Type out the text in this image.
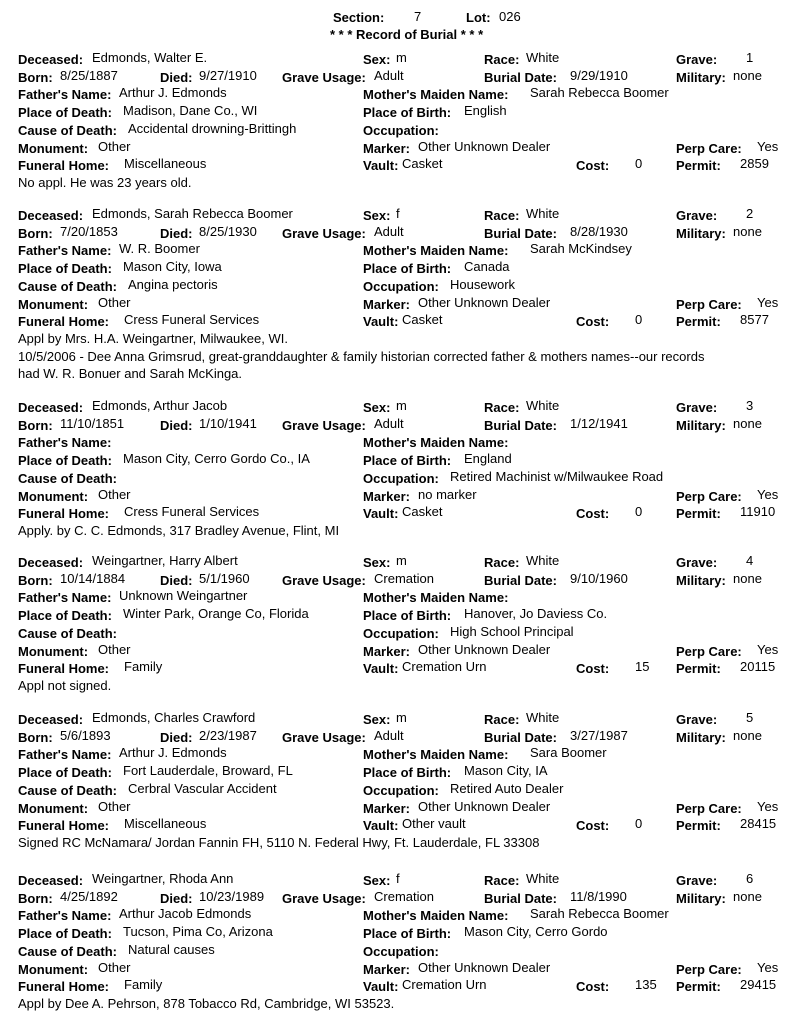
Section: 7	Lot: 026
* * * Record of Burial * * *
Deceased: Edmonds, Walter E.	Sex: m	Race: White	Grave: 1
Born: 8/25/1887	Died: 9/27/1910 Grave Usage: Adult	Burial Date: 9/29/1910	Military: none
Father's Name: Arthur J. Edmonds	Mother's Maiden Name: Sarah Rebecca Boomer
Place of Death: Madison, Dane Co., WI	Place of Birth: English
Cause of Death: Accidental drowning-Brittingh	Occupation:
Monument: Other	Marker: Other Unknown Dealer	Perp Care: Yes
Funeral Home: Miscellaneous	Vault: Casket	Cost: 0	Permit: 2859
No appl. He was 23 years old.
Deceased: Edmonds, Sarah Rebecca Boomer	Sex: f	Race: White	Grave: 2
Born: 7/20/1853	Died: 8/25/1930 Grave Usage: Adult	Burial Date: 8/28/1930	Military: none
Father's Name: W. R. Boomer	Mother's Maiden Name: Sarah McKindsey
Place of Death: Mason City, Iowa	Place of Birth: Canada
Cause of Death: Angina pectoris	Occupation: Housework
Monument: Other	Marker: Other Unknown Dealer	Perp Care: Yes
Funeral Home: Cress Funeral Services	Vault: Casket	Cost: 0	Permit: 8577
Appl by Mrs. H.A. Weingartner, Milwaukee, WI.
10/5/2006 - Dee Anna Grimsrud, great-granddaughter & family historian corrected father & mothers names--our records
had W. R. Bonuer and Sarah McKinga.
Deceased: Edmonds, Arthur Jacob	Sex: m	Race: White	Grave: 3
Born: 11/10/1851	Died: 1/10/1941 Grave Usage: Adult	Burial Date: 1/12/1941	Military: none
Father's Name:	Mother's Maiden Name:
Place of Death: Mason City, Cerro Gordo Co., IA	Place of Birth: England
Cause of Death:	Occupation: Retired Machinist w/Milwaukee Road
Monument: Other	Marker: no marker	Perp Care: Yes
Funeral Home: Cress Funeral Services	Vault: Casket	Cost: 0	Permit: 11910
Apply. by C. C. Edmonds, 317 Bradley Avenue, Flint, MI
Deceased: Weingartner, Harry Albert	Sex: m	Race: White	Grave: 4
Born: 10/14/1884	Died: 5/1/1960 Grave Usage: Cremation	Burial Date: 9/10/1960	Military: none
Father's Name: Unknown Weingartner	Mother's Maiden Name:
Place of Death: Winter Park, Orange Co, Florida	Place of Birth: Hanover, Jo Daviess Co.
Cause of Death:	Occupation: High School Principal
Monument: Other	Marker: Other Unknown Dealer	Perp Care: Yes
Funeral Home: Family	Vault: Cremation Urn	Cost: 15 Permit: 20115
Appl not signed.
Deceased: Edmonds, Charles Crawford	Sex: m	Race: White	Grave: 5
Born: 5/6/1893	Died: 2/23/1987 Grave Usage: Adult	Burial Date: 3/27/1987	Military: none
Father's Name: Arthur J. Edmonds	Mother's Maiden Name: Sara Boomer
Place of Death: Fort Lauderdale, Broward, FL	Place of Birth: Mason City, IA
Cause of Death: Cerbral Vascular Accident	Occupation: Retired Auto Dealer
Monument: Other	Marker: Other Unknown Dealer	Perp Care: Yes
Funeral Home: Miscellaneous	Vault: Other vault	Cost: 0	Permit: 28415
Signed RC McNamara/ Jordan Fannin FH, 5110 N. Federal Hwy, Ft. Lauderdale, FL 33308
Deceased: Weingartner, Rhoda Ann	Sex: f	Race: White	Grave: 6
Born: 4/25/1892	Died: 10/23/1989 Grave Usage: Cremation	Burial Date: 11/8/1990	Military: none
Father's Name: Arthur Jacob Edmonds	Mother's Maiden Name: Sarah Rebecca Boomer
Place of Death: Tucson, Pima Co, Arizona	Place of Birth: Mason City, Cerro Gordo
Cause of Death: Natural causes	Occupation:
Monument: Other	Marker: Other Unknown Dealer	Perp Care: Yes
Funeral Home: Family	Vault: Cremation Urn	Cost: 135 Permit: 29415
Appl by Dee A. Pehrson, 878 Tobacco Rd, Cambridge, WI 53523.
